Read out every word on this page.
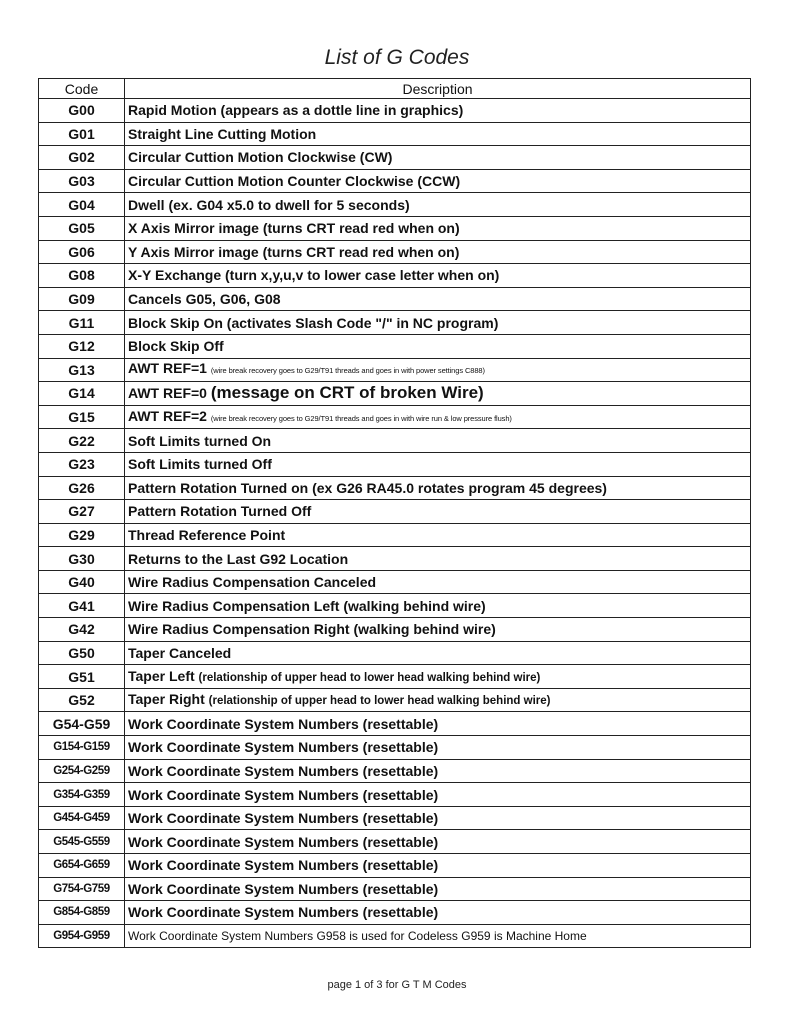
List of G Codes
Code	Description
G00	Rapid Motion (appears as a dottle line in graphics)
G01	Straight Line Cutting Motion
G02	Circular Cuttion Motion Clockwise (CW)
G03	Circular Cuttion Motion Counter Clockwise (CCW)
G04	Dwell (ex. G04 x5.0 to dwell for 5 seconds)
G05	X Axis Mirror image (turns CRT read red when on)
G06	Y Axis Mirror image (turns CRT read red when on)
G08	X-Y Exchange (turn x,y,u,v to lower case letter when on)
G09	Cancels G05, G06, G08
G11	Block Skip On (activates Slash Code "/" in NC program)
G12	Block Skip Off
G13	AWT REF=1 (wire break recovery goes to G29/T91 threads and goes in with power settings C888)
G14	AWT REF=0 (message on CRT of broken Wire)
G15	AWT REF=2 (wire break recovery goes to G29/T91 threads and goes in with wire run & low pressure flush)
G22	Soft Limits turned On
G23	Soft Limits turned Off
G26	Pattern Rotation Turned on (ex G26 RA45.0 rotates program 45 degrees)
G27	Pattern Rotation Turned Off
G29	Thread Reference Point
G30	Returns to the Last G92 Location
G40	Wire Radius Compensation Canceled
G41	Wire Radius Compensation Left (walking behind wire)
G42	Wire Radius Compensation Right (walking behind wire)
G50	Taper Canceled
G51	Taper Left (relationship of upper head to lower head walking behind wire)
G52	Taper Right (relationship of upper head to lower head walking behind wire)
G54-G59	Work Coordinate System Numbers (resettable)
G154-G159	Work Coordinate System Numbers (resettable)
G254-G259	Work Coordinate System Numbers (resettable)
G354-G359	Work Coordinate System Numbers (resettable)
G454-G459	Work Coordinate System Numbers (resettable)
G545-G559	Work Coordinate System Numbers (resettable)
G654-G659	Work Coordinate System Numbers (resettable)
G754-G759	Work Coordinate System Numbers (resettable)
G854-G859	Work Coordinate System Numbers (resettable)
G954-G959	Work Coordinate System Numbers G958 is used for Codeless G959 is Machine Home
page 1 of 3 for G T M Codes
